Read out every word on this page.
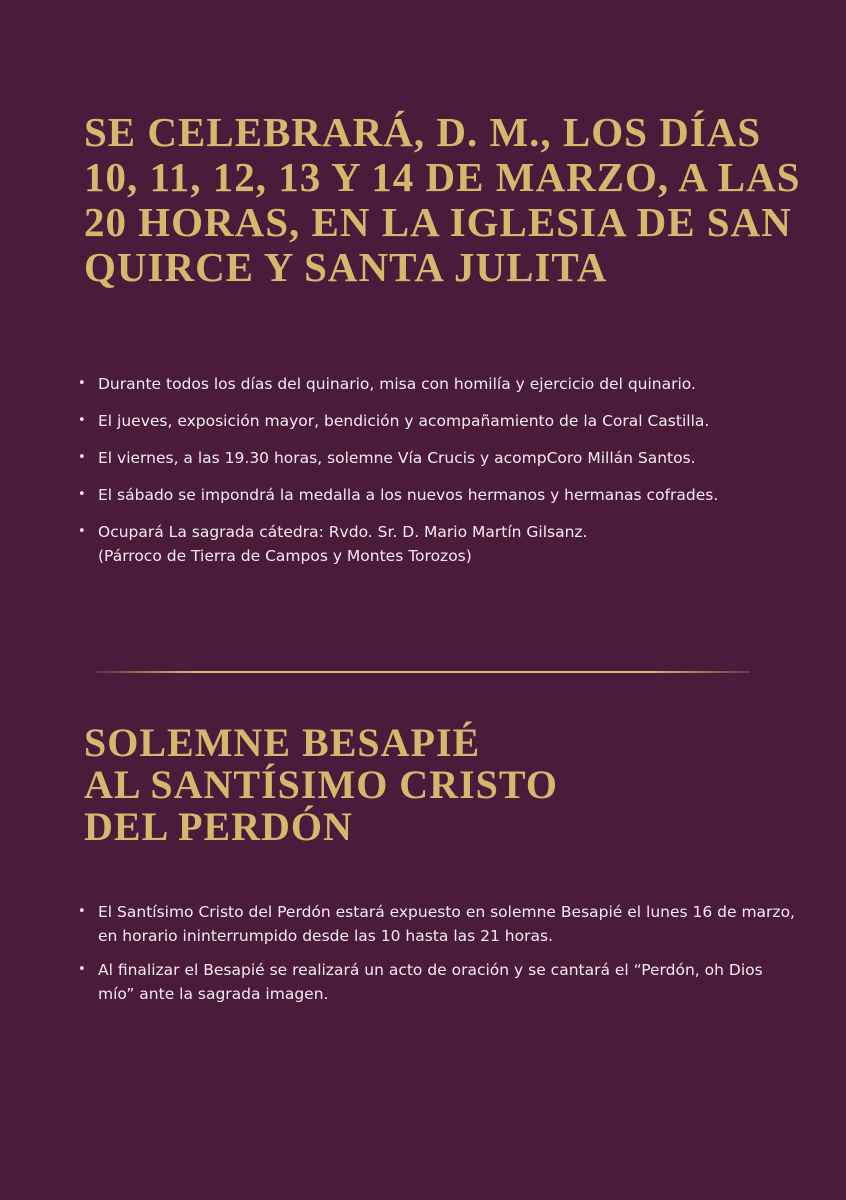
SE CELEBRARÁ, D. M., LOS DÍAS 10, 11, 12, 13 Y 14 DE MARZO, A LAS 20 HORAS, EN LA IGLESIA DE SAN QUIRCE Y SANTA JULITA
• Durante todos los días del quinario, misa con homilía y ejercicio del quinario.
• El jueves, exposición mayor, bendición y acompañamiento de la Coral Castilla.
• El viernes, a las 19.30 horas, solemne Vía Crucis y acompCoro Millán Santos.
• El sábado se impondrá la medalla a los nuevos hermanos y hermanas cofrades.
• Ocupará La sagrada cátedra: Rvdo. Sr. D. Mario Martín Gilsanz.
(Párroco de Tierra de Campos y Montes Torozos)
SOLEMNE BESAPIÉ
AL SANTÍSIMO CRISTO
DEL PERDÓN
• El Santísimo Cristo del Perdón estará expuesto en solemne Besapié el lunes 16 de marzo, en horario ininterrumpido desde las 10 hasta las 21 horas.
• Al finalizar el Besapié se realizará un acto de oración y se cantará el “Perdón, oh Dios mío” ante la sagrada imagen.
